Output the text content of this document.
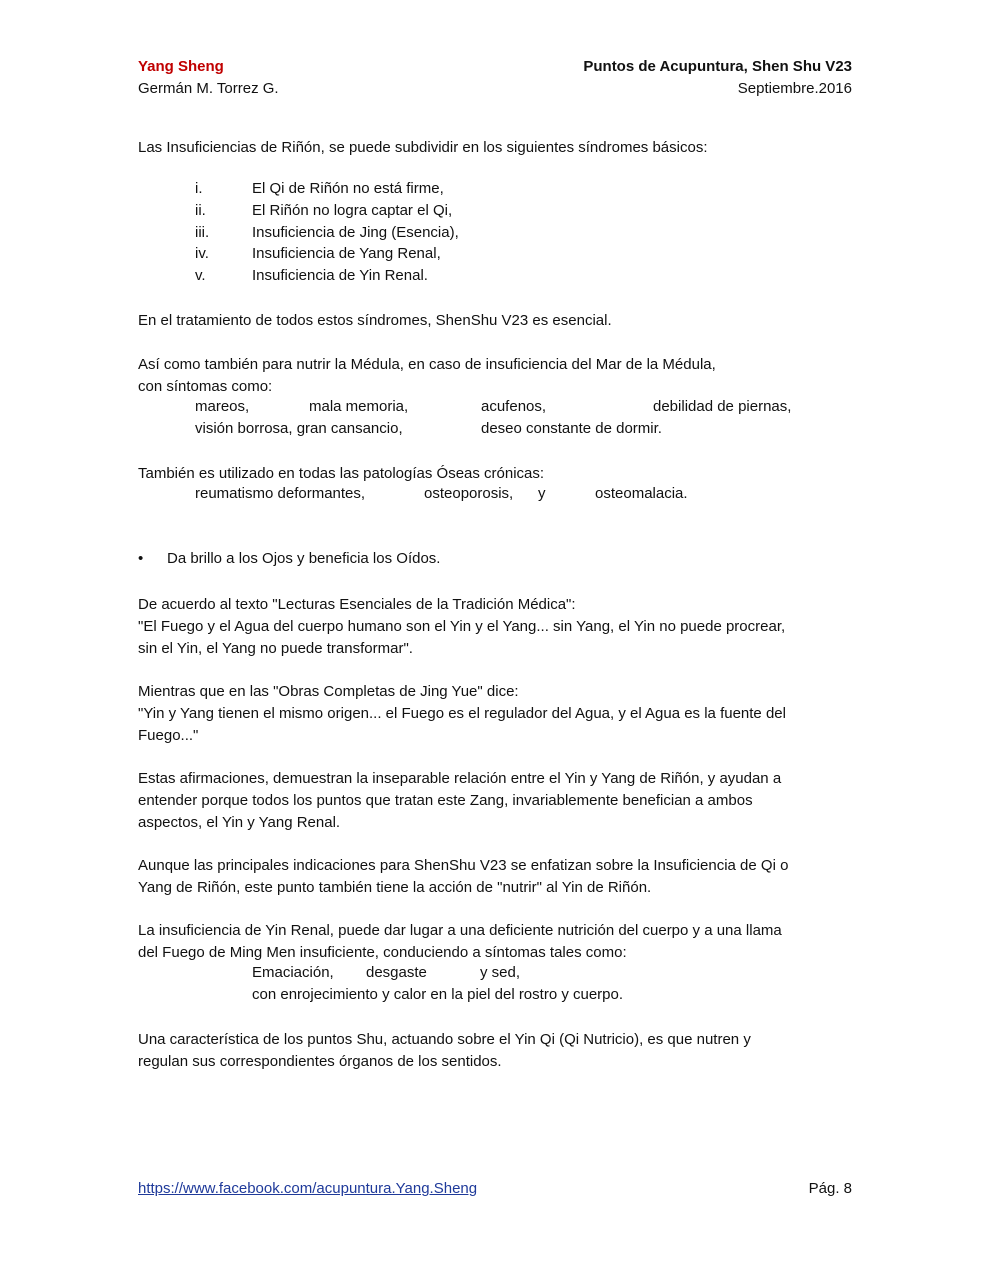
Yang Sheng	Puntos de Acupuntura, Shen Shu V23
Germán M. Torrez G.	Septiembre.2016

Las Insuficiencias de Riñón, se puede subdividir en los siguientes síndromes básicos:

i.	El Qi de Riñón no está firme,
ii.	El Riñón no logra captar el Qi,
iii.	Insuficiencia de Jing (Esencia),
iv.	Insuficiencia de Yang Renal,
v.	Insuficiencia de Yin Renal.

En el tratamiento de todos estos síndromes, ShenShu V23 es esencial.

Así como también para nutrir la Médula, en caso de insuficiencia del Mar de la Médula,

con síntomas como:

mareos,	mala memoria,	acufenos,	debilidad de piernas,
visión borrosa, gran cansancio,	deseo constante de dormir.

También es utilizado en todas las patologías Óseas crónicas:

reumatismo deformantes,	osteoporosis, y	osteomalacia.
• Da brillo a los Ojos y beneficia los Oídos.

De acuerdo al texto "Lecturas Esenciales de la Tradición Médica":

"El Fuego y el Agua del cuerpo humano son el Yin y el Yang... sin Yang, el Yin no puede procrear,

sin el Yin, el Yang no puede transformar".

Mientras que en las "Obras Completas de Jing Yue" dice:

"Yin y Yang tienen el mismo origen... el Fuego es el regulador del Agua, y el Agua es la fuente del

Fuego..."

Estas afirmaciones, demuestran la inseparable relación entre el Yin y Yang de Riñón, y ayudan a

entender porque todos los puntos que tratan este Zang, invariablemente benefician a ambos

aspectos, el Yin y Yang Renal.

Aunque las principales indicaciones para ShenShu V23 se enfatizan sobre la Insuficiencia de Qi o

Yang de Riñón, este punto también tiene la acción de "nutrir" al Yin de Riñón.

La insuficiencia de Yin Renal, puede dar lugar a una deficiente nutrición del cuerpo y a una llama

del Fuego de Ming Men insuficiente, conduciendo a síntomas tales como:

Emaciación, desgaste	y sed,
con enrojecimiento y calor en la piel del rostro y cuerpo.

Una característica de los puntos Shu, actuando sobre el Yin Qi (Qi Nutricio), es que nutren y

regulan sus correspondientes órganos de los sentidos.

https://www.facebook.com/acupuntura.Yang.Sheng	Pág. 8
